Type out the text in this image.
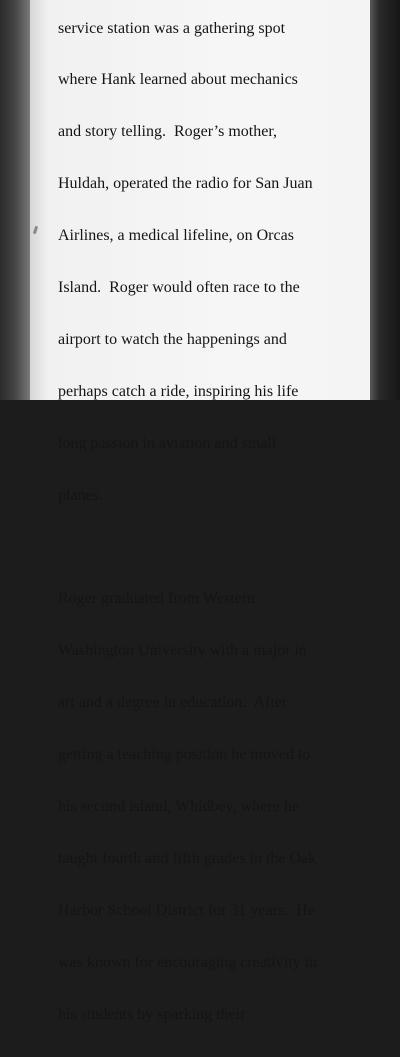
service station was a gathering spot

where Hank learned about mechanics

and story telling.  Roger’s mother,

Huldah, operated the radio for San Juan

Airlines, a medical lifeline, on Orcas

Island.  Roger would often race to the

airport to watch the happenings and

perhaps catch a ride, inspiring his life

long passion in aviation and small

planes.

Roger graduated from Western

Washington University with a major in

art and a degree in education.  After

getting a teaching position he moved to

his second island, Whidbey, where he

taught fourth and fifth grades in the Oak

Harbor School District for 31 years.  He

was known for encouraging creativity in

his students by sparking their
